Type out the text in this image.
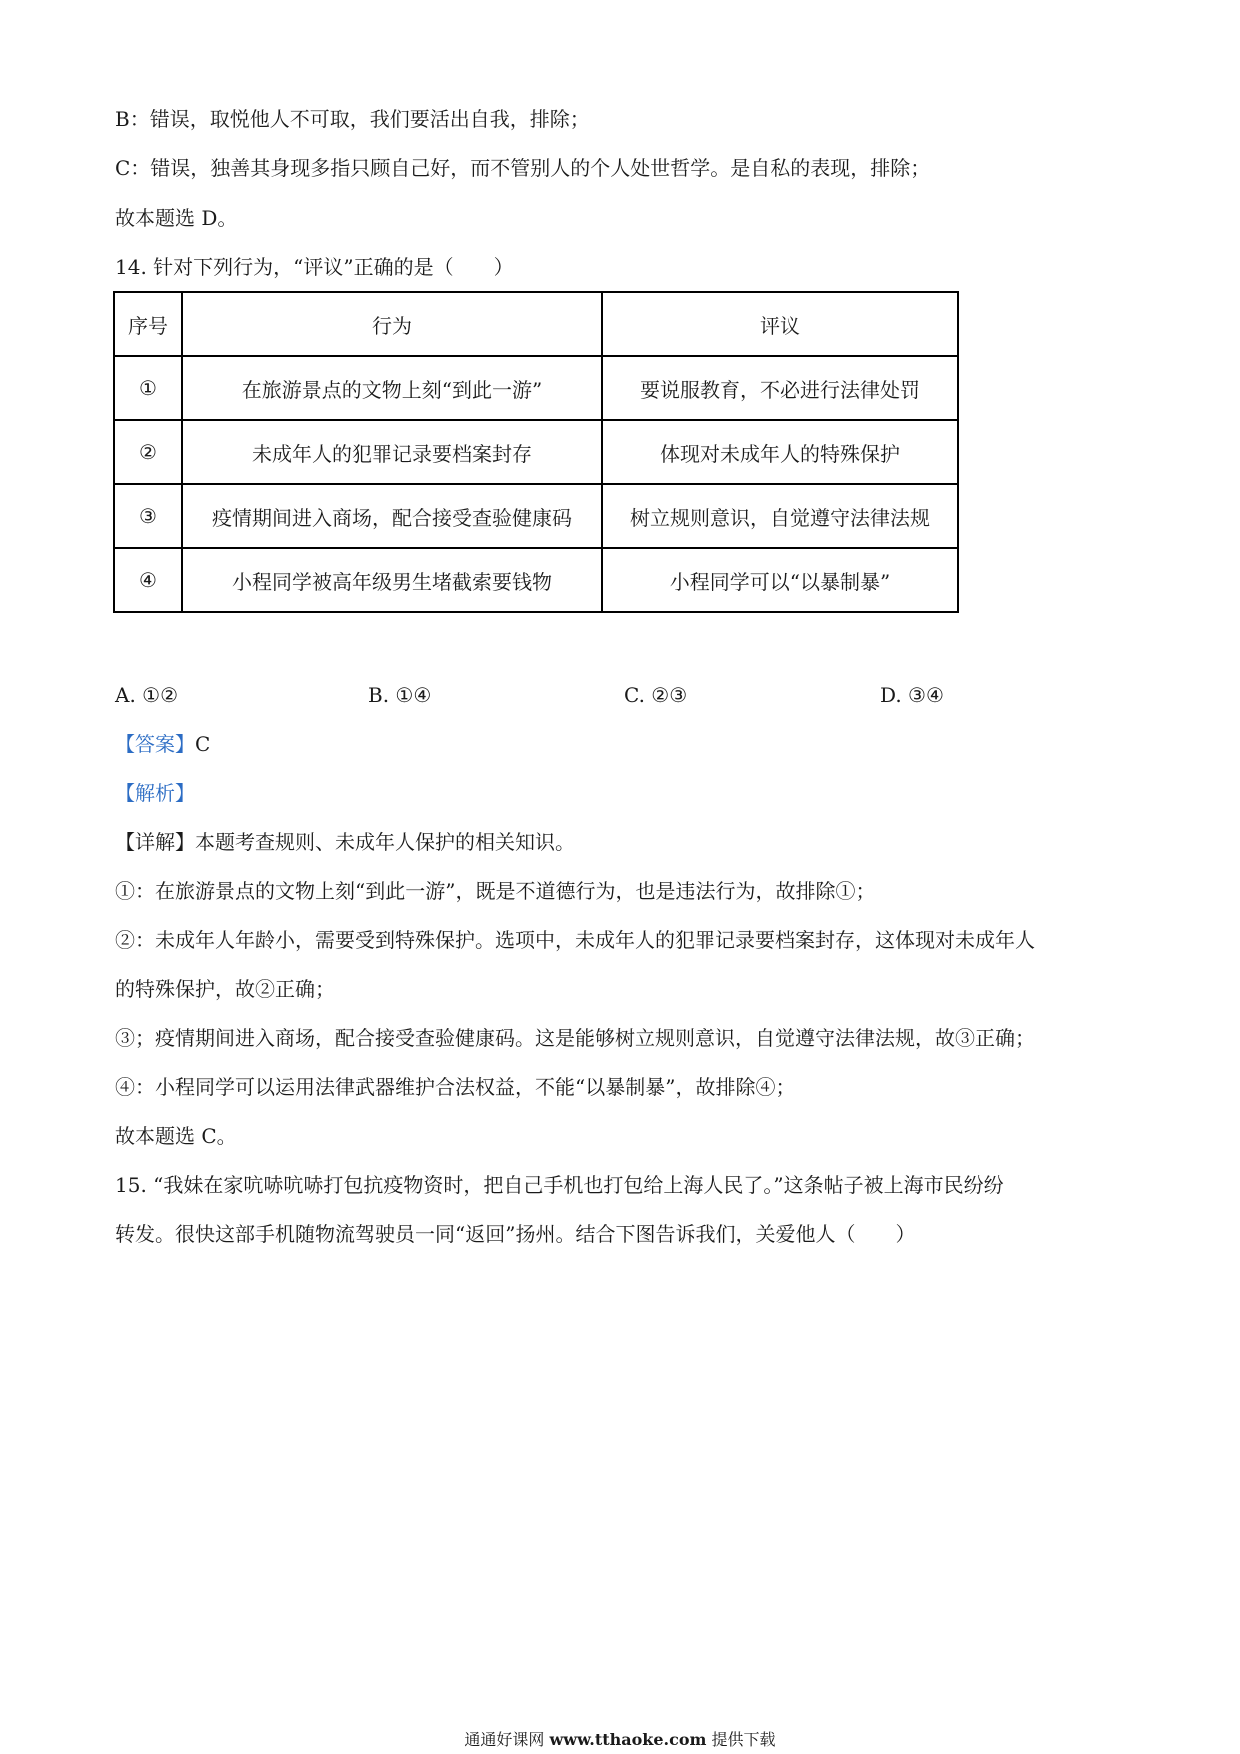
B：错误，取悦他人不可取，我们要活出自我，排除；
C：错误，独善其身现多指只顾自己好，而不管别人的个人处世哲学。是自私的表现，排除；
故本题选 D。
14. 针对下列行为，“评议”正确的是（　　）
序号	行为	评议
①	在旅游景点的文物上刻“到此一游”	要说服教育，不必进行法律处罚
②	未成年人的犯罪记录要档案封存	体现对未成年人的特殊保护
③	疫情期间进入商场，配合接受查验健康码	树立规则意识，自觉遵守法律法规
④	小程同学被高年级男生堵截索要钱物	小程同学可以“以暴制暴”
A. ①②	B. ①④	C. ②③	D. ③④
【答案】C
【解析】
【详解】本题考查规则、未成年人保护的相关知识。
①：在旅游景点的文物上刻“到此一游”，既是不道德行为，也是违法行为，故排除①；
②：未成年人年龄小，需要受到特殊保护。选项中，未成年人的犯罪记录要档案封存，这体现对未成年人
的特殊保护，故②正确；
③；疫情期间进入商场，配合接受查验健康码。这是能够树立规则意识，自觉遵守法律法规，故③正确；
④：小程同学可以运用法律武器维护合法权益，不能“以暴制暴”，故排除④；
故本题选 C。
15. “我妹在家吭哧吭哧打包抗疫物资时，把自己手机也打包给上海人民了。”这条帖子被上海市民纷纷
转发。很快这部手机随物流驾驶员一同“返回”扬州。结合下图告诉我们，关爱他人（　　）
通通好课网 www.tthaoke.com 提供下载
